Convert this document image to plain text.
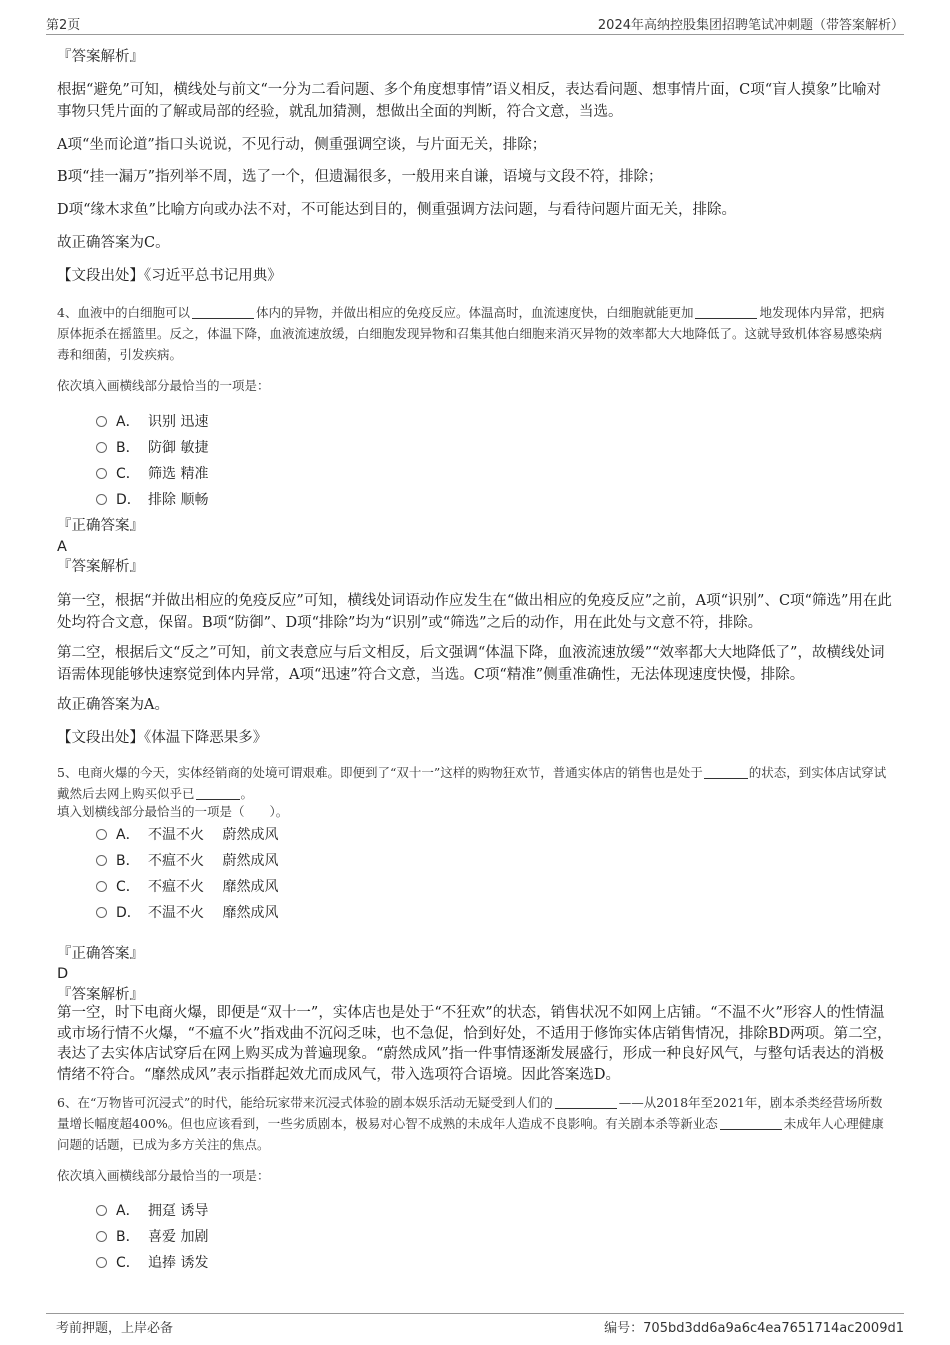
第2页	2024年高纳控股集团招聘笔试冲刺题（带答案解析）
『答案解析』
根据“避免”可知，横线处与前文“一分为二看问题、多个角度想事情”语义相反，表达看问题、想事情片面，C项“盲人摸象”比喻对事物只凭片面的了解或局部的经验，就乱加猜测，想做出全面的判断，符合文意，当选。
A项“坐而论道”指口头说说，不见行动，侧重强调空谈，与片面无关，排除；
B项“挂一漏万”指列举不周，选了一个，但遗漏很多，一般用来自谦，语境与文段不符，排除；
D项“缘木求鱼”比喻方向或办法不对，不可能达到目的，侧重强调方法问题，与看待问题片面无关，排除。
故正确答案为C。
【文段出处】《习近平总书记用典》
4、血液中的白细胞可以	体内的异物，并做出相应的免疫反应。体温高时，血流速度快，白细胞就能更加	地发现体内异常，把病原体扼杀在摇篮里。反之，体温下降，血液流速放缓，白细胞发现异物和召集其他白细胞来消灭异物的效率都大大地降低了。这就导致机体容易感染病毒和细菌，引发疾病。
依次填入画横线部分最恰当的一项是：
A． 识别 迅速
B． 防御 敏捷
C． 筛选 精准
D． 排除 顺畅
『正确答案』
A
『答案解析』
第一空，根据“并做出相应的免疫反应”可知，横线处词语动作应发生在“做出相应的免疫反应”之前，A项“识别”、C项“筛选”用在此处均符合文意，保留。B项“防御”、D项“排除”均为“识别”或“筛选”之后的动作，用在此处与文意不符，排除。
第二空，根据后文“反之”可知，前文表意应与后文相反，后文强调“体温下降，血液流速放缓”“效率都大大地降低了”，故横线处词语需体现能够快速察觉到体内异常，A项“迅速”符合文意，当选。C项“精准”侧重准确性，无法体现速度快慢，排除。
故正确答案为A。
【文段出处】《体温下降恶果多》
5、电商火爆的今天，实体经销商的处境可谓艰难。即便到了“双十一”这样的购物狂欢节，普通实体店的销售也是处于	的状态，到实体店试穿试戴然后去网上购买似乎已	。
填入划横线部分最恰当的一项是（　　）。
A． 不温不火　 蔚然成风
B． 不瘟不火　 蔚然成风
C． 不瘟不火　 靡然成风
D． 不温不火　 靡然成风
『正确答案』
D
『答案解析』
第一空，时下电商火爆，即便是“双十一”，实体店也是处于“不狂欢”的状态，销售状况不如网上店铺。“不温不火”形容人的性情温或市场行情不火爆，“不瘟不火”指戏曲不沉闷乏味，也不急促，恰到好处，不适用于修饰实体店销售情况，排除BD两项。第二空，表达了去实体店试穿后在网上购买成为普遍现象。“蔚然成风”指一件事情逐渐发展盛行，形成一种良好风气，与整句话表达的消极情绪不符合。“靡然成风”表示指群起效尤而成风气，带入选项符合语境。因此答案选D。
6、在“万物皆可沉浸式”的时代，能给玩家带来沉浸式体验的剧本娱乐活动无疑受到人们的	——从2018年至2021年，剧本杀类经营场所数量增长幅度超400%。但也应该看到，一些劣质剧本，极易对心智不成熟的未成年人造成不良影响。有关剧本杀等新业态	未成年人心理健康问题的话题，已成为多方关注的焦点。
依次填入画横线部分最恰当的一项是：
A． 拥趸 诱导
B． 喜爱 加剧
C． 追捧 诱发
考前押题，上岸必备	编号：705bd3dd6a9a6c4ea7651714ac2009d1
